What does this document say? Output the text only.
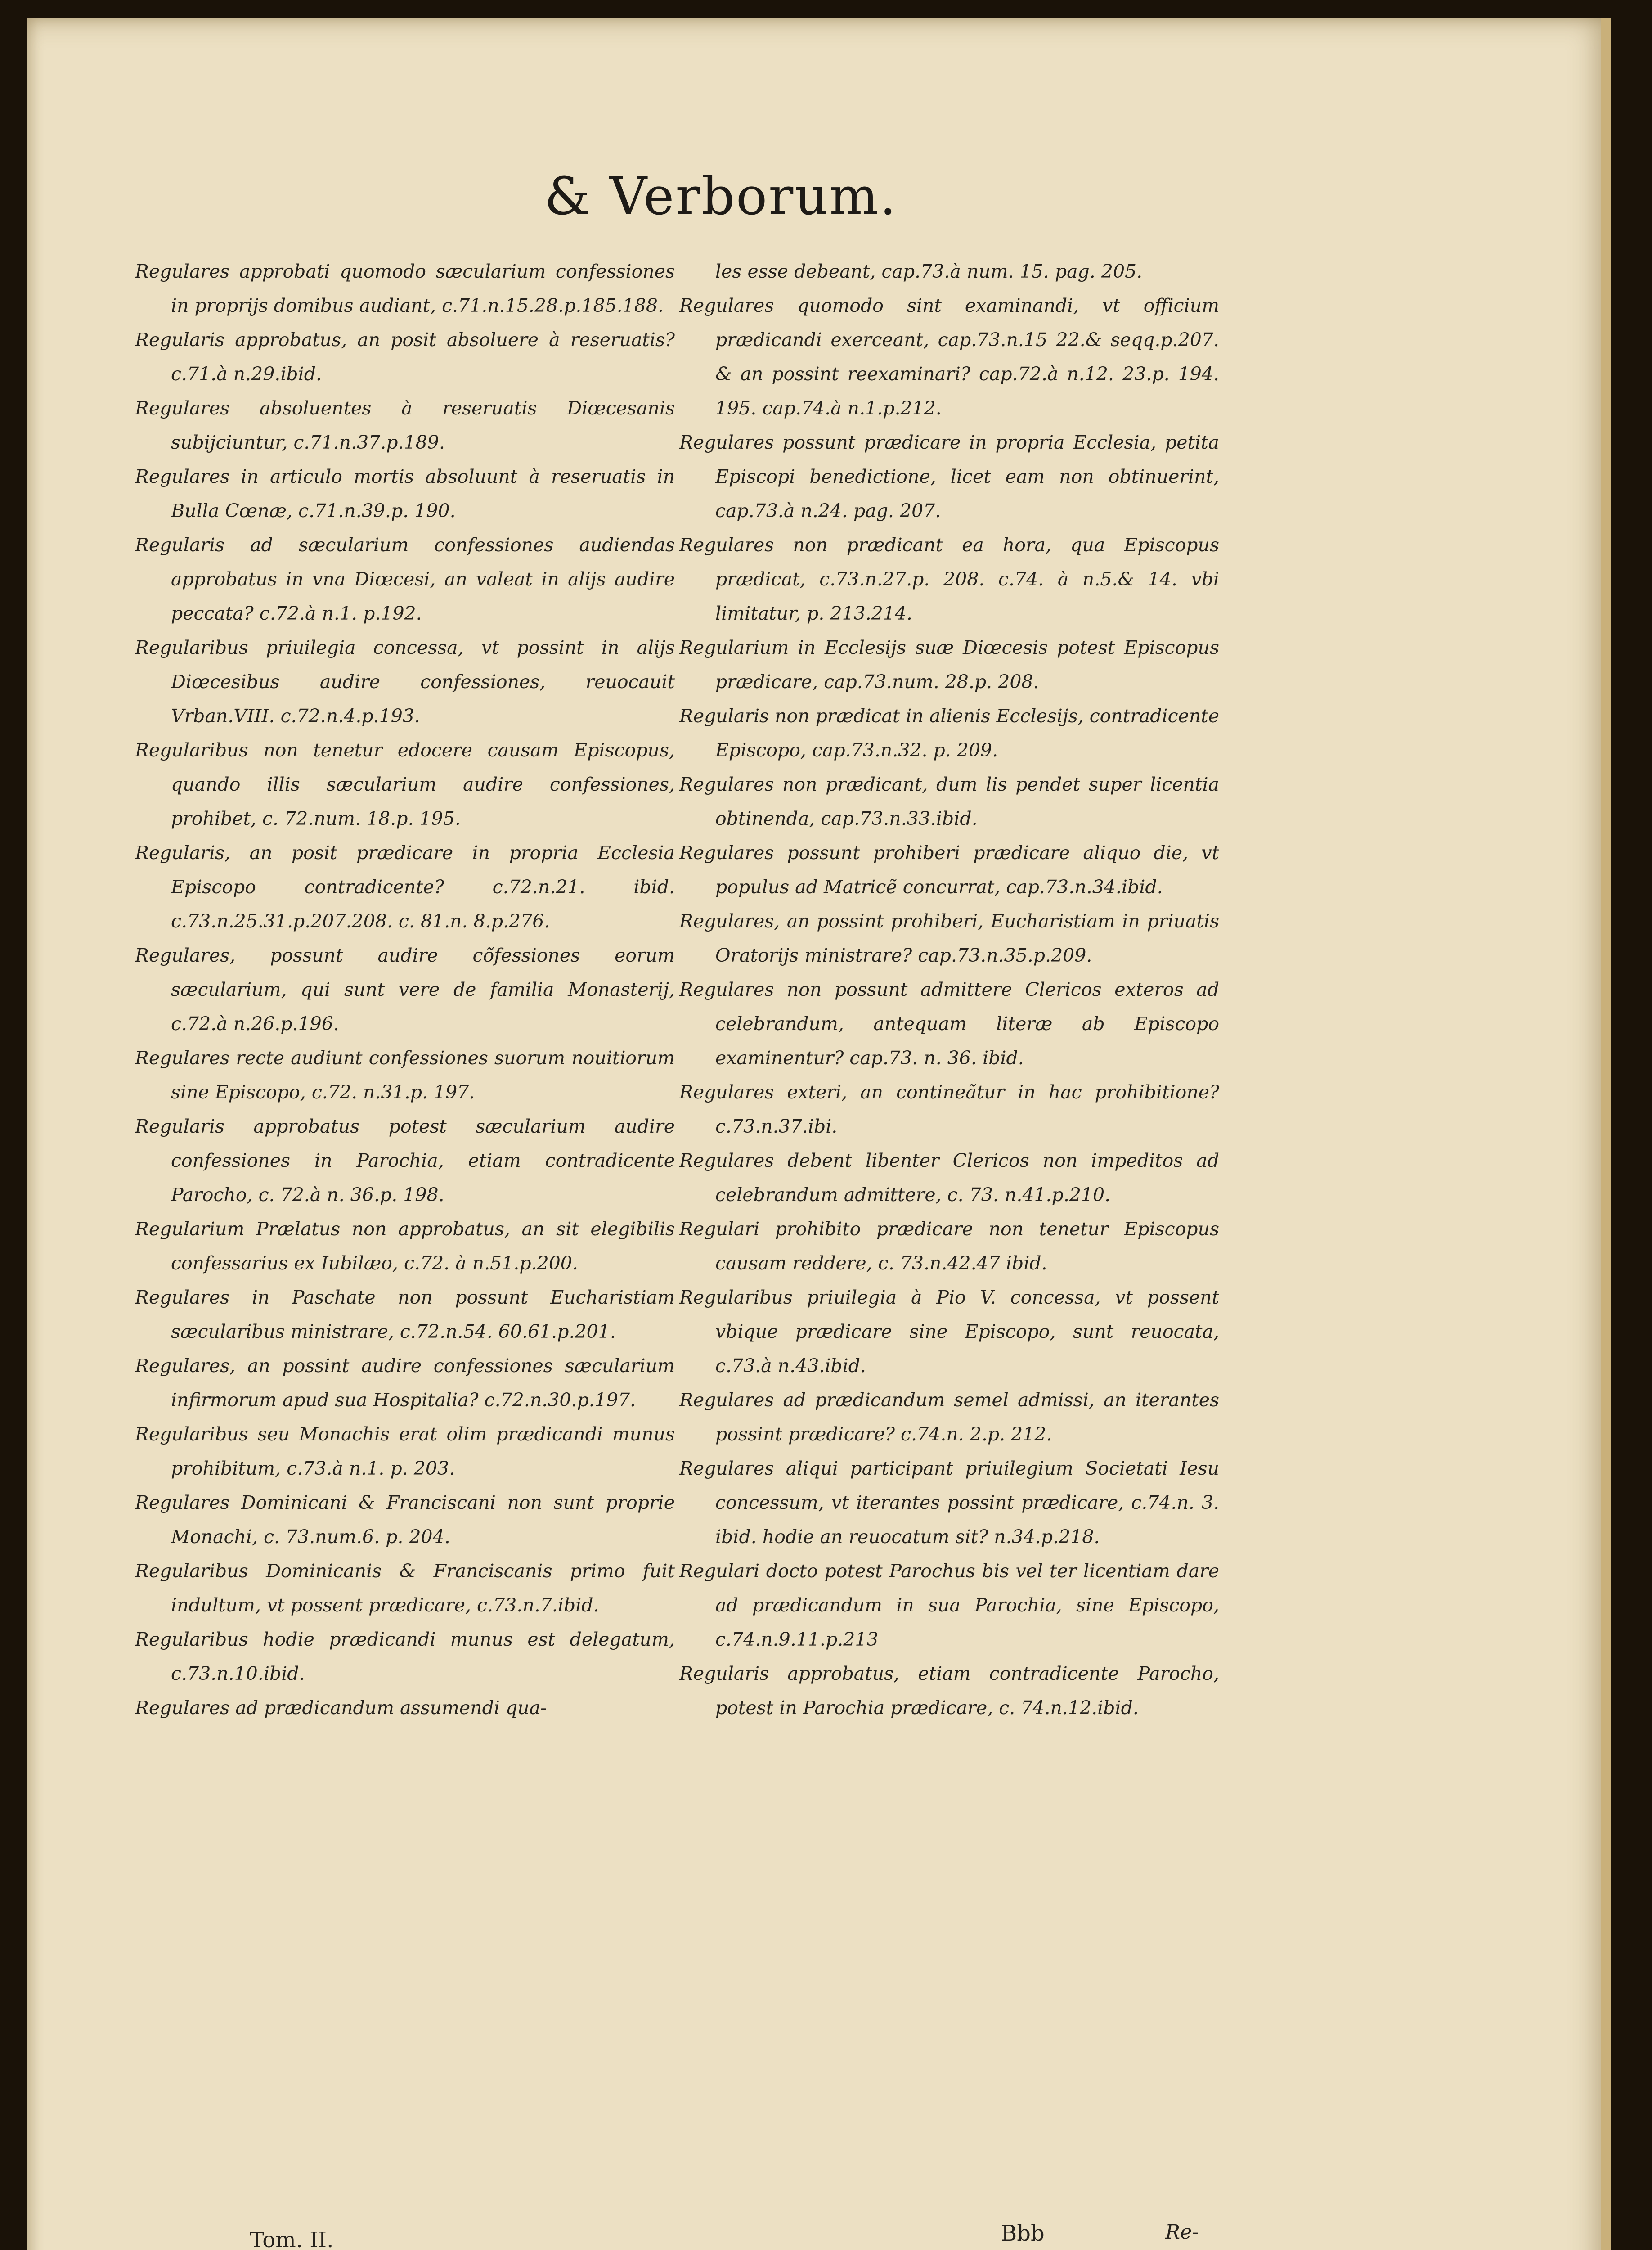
& Verborum.

Regulares approbati quomodo sæcularium confessiones in proprijs domibus audiant, c.71.n.15.28.p.185.188.

Regularis approbatus, an posit absoluere à reseruatis? c.71.à n.29.ibid.

Regulares absoluentes à reseruatis Diœcesanis subijciuntur, c.71.n.37.p.189.

Regulares in articulo mortis absoluunt à reseruatis in Bulla Cœnæ, c.71.n.39.p. 190.

Regularis ad sæcularium confessiones audiendas approbatus in vna Diœcesi, an valeat in alijs audire peccata? c.72.à n.1. p.192.

Regularibus priuilegia concessa, vt possint in alijs Diœcesibus audire confessiones, reuocauit Vrban.VIII. c.72.n.4.p.193.

Regularibus non tenetur edocere causam Episcopus, quando illis sæcularium audire confessiones, prohibet, c. 72.num. 18.p. 195.

Regularis, an posit prædicare in propria Ecclesia Episcopo contradicente? c.72.n.21. ibid. c.73.n.25.31.p.207.208. c. 81.n. 8.p.276.

Regulares, possunt audire cõfessiones eorum sæcularium, qui sunt vere de familia Monasterij, c.72.à n.26.p.196.

Regulares recte audiunt confessiones suorum nouitiorum sine Episcopo, c.72. n.31.p. 197.

Regularis approbatus potest sæcularium audire confessiones in Parochia, etiam contradicente Parocho, c. 72.à n. 36.p. 198.

Regularium Prælatus non approbatus, an sit elegibilis confessarius ex Iubilæo, c.72. à n.51.p.200.

Regulares in Paschate non possunt Eucharistiam sæcularibus ministrare, c.72.n.54. 60.61.p.201.

Regulares, an possint audire confessiones sæcularium infirmorum apud sua Hospitalia? c.72.n.30.p.197.

Regularibus seu Monachis erat olim prædicandi munus prohibitum, c.73.à n.1. p. 203.

Regulares Dominicani & Franciscani non sunt proprie Monachi, c. 73.num.6. p. 204.

Regularibus Dominicanis & Franciscanis primo fuit indultum, vt possent prædicare, c.73.n.7.ibid.

Regularibus hodie prædicandi munus est delegatum, c.73.n.10.ibid.

Regulares ad prædicandum assumendi qua-

les esse debeant, cap.73.à num. 15. pag. 205.

Regulares quomodo sint examinandi, vt officium prædicandi exerceant, cap.73.n.15 22.& seqq.p.207. & an possint reexaminari? cap.72.à n.12. 23.p. 194. 195. cap.74.à n.1.p.212.

Regulares possunt prædicare in propria Ecclesia, petita Episcopi benedictione, licet eam non obtinuerint, cap.73.à n.24. pag. 207.

Regulares non prædicant ea hora, qua Episcopus prædicat, c.73.n.27.p. 208. c.74. à n.5.& 14. vbi limitatur, p. 213.214.

Regularium in Ecclesijs suæ Diœcesis potest Episcopus prædicare, cap.73.num. 28.p. 208.

Regularis non prædicat in alienis Ecclesijs, contradicente Episcopo, cap.73.n.32. p. 209.

Regulares non prædicant, dum lis pendet super licentia obtinenda, cap.73.n.33.ibid.

Regulares possunt prohiberi prædicare aliquo die, vt populus ad Matricẽ concurrat, cap.73.n.34.ibid.

Regulares, an possint prohiberi, Eucharistiam in priuatis Oratorijs ministrare? cap.73.n.35.p.209.

Regulares non possunt admittere Clericos exteros ad celebrandum, antequam literæ ab Episcopo examinentur? cap.73. n. 36. ibid.

Regulares exteri, an contineãtur in hac prohibitione? c.73.n.37.ibi.

Regulares debent libenter Clericos non impeditos ad celebrandum admittere, c. 73. n.41.p.210.

Regulari prohibito prædicare non tenetur Episcopus causam reddere, c. 73.n.42.47 ibid.

Regularibus priuilegia à Pio V. concessa, vt possent vbique prædicare sine Episcopo, sunt reuocata, c.73.à n.43.ibid.

Regulares ad prædicandum semel admissi, an iterantes possint prædicare? c.74.n. 2.p. 212.

Regulares aliqui participant priuilegium Societati Iesu concessum, vt iterantes possint prædicare, c.74.n. 3. ibid. hodie an reuocatum sit? n.34.p.218.

Regulari docto potest Parochus bis vel ter licentiam dare ad prædicandum in sua Parochia, sine Episcopo, c.74.n.9.11.p.213

Regularis approbatus, etiam contradicente Parocho, potest in Parochia prædicare, c. 74.n.12.ibid.

Tom. II.	Bbb	Re-
